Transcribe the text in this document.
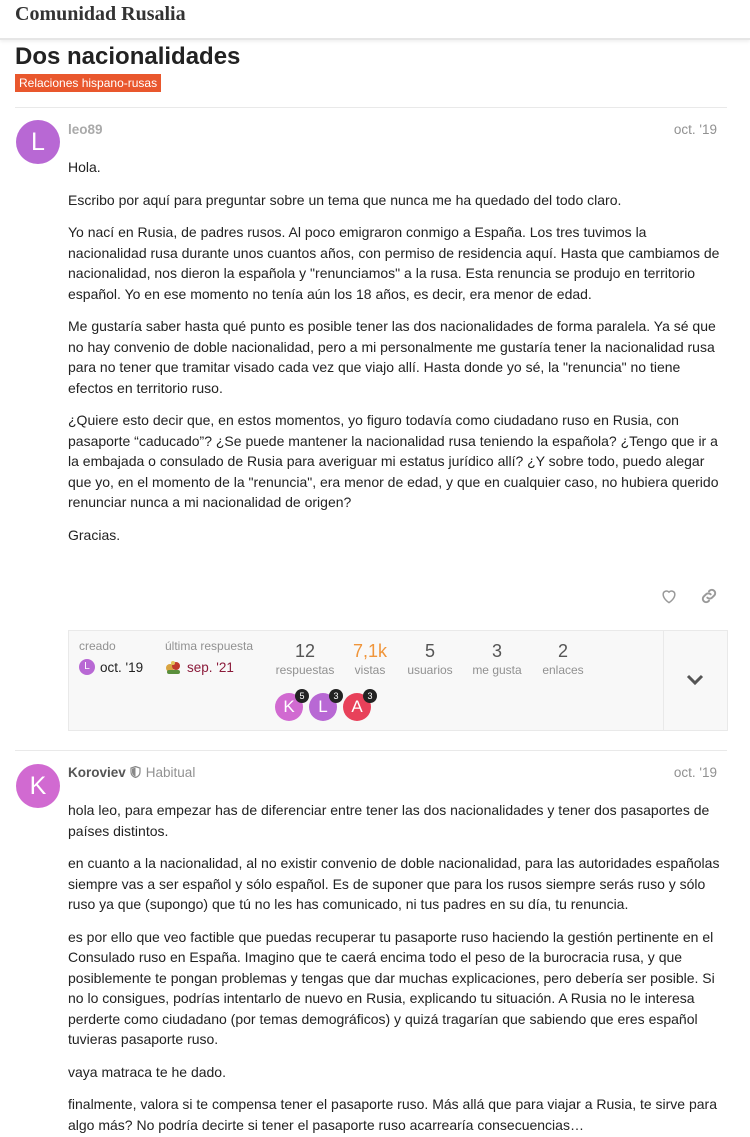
Comunidad Rusalia
Dos nacionalidades
Relaciones hispano-rusas
L	leo89	oct. '19

Hola.

Escribo por aquí para preguntar sobre un tema que nunca me ha quedado del todo claro.

Yo nací en Rusia, de padres rusos. Al poco emigraron conmigo a España. Los tres tuvimos la nacionalidad rusa durante unos cuantos años, con permiso de residencia aquí. Hasta que cambiamos de nacionalidad, nos dieron la española y "renunciamos" a la rusa. Esta renuncia se produjo en territorio español. Yo en ese momento no tenía aún los 18 años, es decir, era menor de edad.

Me gustaría saber hasta qué punto es posible tener las dos nacionalidades de forma paralela. Ya sé que no hay convenio de doble nacionalidad, pero a mi personalmente me gustaría tener la nacionalidad rusa para no tener que tramitar visado cada vez que viajo allí. Hasta donde yo sé, la "renuncia" no tiene efectos en territorio ruso.

¿Quiere esto decir que, en estos momentos, yo figuro todavía como ciudadano ruso en Rusia, con pasaporte “caducado”? ¿Se puede mantener la nacionalidad rusa teniendo la española? ¿Tengo que ir a la embajada o consulado de Rusia para averiguar mi estatus jurídico allí? ¿Y sobre todo, puedo alegar que yo, en el momento de la "renuncia", era menor de edad, y que en cualquier caso, no hubiera querido renunciar nunca a mi nacionalidad de origen?

Gracias.

creado
L oct. '19
última respuesta
sep. '21
12
respuestas
7,1k
vistas
5
usuarios
3
me gusta
2
enlaces
K
5
L
3
A
3
K	Koroviev Habitual	oct. '19

hola leo, para empezar has de diferenciar entre tener las dos nacionalidades y tener dos pasaportes de países distintos.

en cuanto a la nacionalidad, al no existir convenio de doble nacionalidad, para las autoridades españolas siempre vas a ser español y sólo español. Es de suponer que para los rusos siempre serás ruso y sólo ruso ya que (supongo) que tú no les has comunicado, ni tus padres en su día, tu renuncia.

es por ello que veo factible que puedas recuperar tu pasaporte ruso haciendo la gestión pertinente en el Consulado ruso en España. Imagino que te caerá encima todo el peso de la burocracia rusa, y que posiblemente te pongan problemas y tengas que dar muchas explicaciones, pero debería ser posible. Si no lo consigues, podrías intentarlo de nuevo en Rusia, explicando tu situación. A Rusia no le interesa perderte como ciudadano (por temas demográficos) y quizá tragarían que sabiendo que eres español tuvieras pasaporte ruso.

vaya matraca te he dado.

finalmente, valora si te compensa tener el pasaporte ruso. Más allá que para viajar a Rusia, te sirve para algo más? No podría decirte si tener el pasaporte ruso acarrearía consecuencias…
